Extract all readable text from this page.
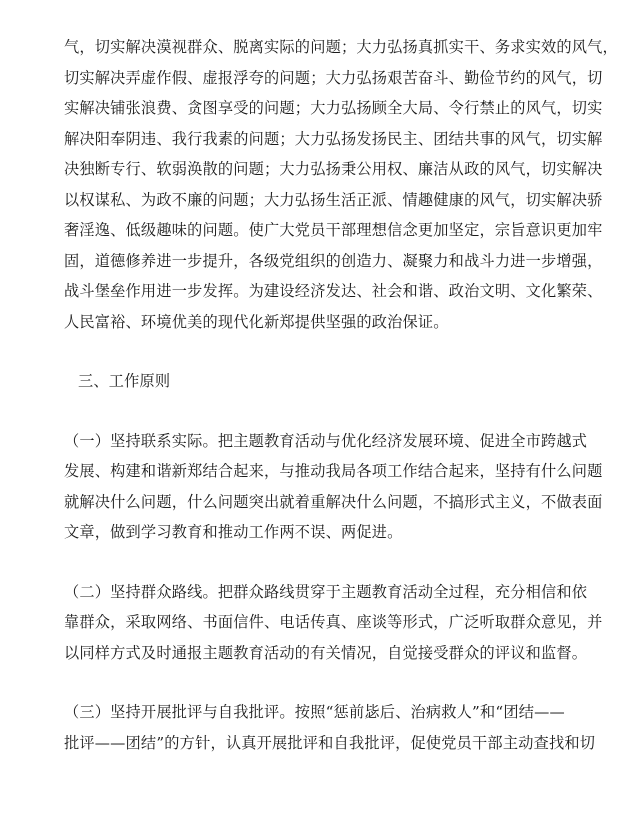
气，切实解决漠视群众、脱离实际的问题；大力弘扬真抓实干、务求实效的风气，
切实解决弄虚作假、虚报浮夸的问题；大力弘扬艰苦奋斗、勤俭节约的风气，切
实解决铺张浪费、贪图享受的问题；大力弘扬顾全大局、令行禁止的风气，切实
解决阳奉阴违、我行我素的问题；大力弘扬发扬民主、团结共事的风气，切实解
决独断专行、软弱涣散的问题；大力弘扬秉公用权、廉洁从政的风气，切实解决
以权谋私、为政不廉的问题；大力弘扬生活正派、情趣健康的风气，切实解决骄
奢淫逸、低级趣味的问题。使广大党员干部理想信念更加坚定，宗旨意识更加牢
固，道德修养进一步提升，各级党组织的创造力、凝聚力和战斗力进一步增强，
战斗堡垒作用进一步发挥。为建设经济发达、社会和谐、政治文明、文化繁荣、
人民富裕、环境优美的现代化新郑提供坚强的政治保证。
三、工作原则
（一）坚持联系实际。把主题教育活动与优化经济发展环境、促进全市跨越式
发展、构建和谐新郑结合起来，与推动我局各项工作结合起来，坚持有什么问题
就解决什么问题，什么问题突出就着重解决什么问题，不搞形式主义，不做表面
文章，做到学习教育和推动工作两不误、两促进。
（二）坚持群众路线。把群众路线贯穿于主题教育活动全过程，充分相信和依
靠群众，采取网络、书面信件、电话传真、座谈等形式，广泛听取群众意见，并
以同样方式及时通报主题教育活动的有关情况，自觉接受群众的评议和监督。
（三）坚持开展批评与自我批评。按照“惩前毖后、治病救人”和“团结——
批评——团结”的方针，认真开展批评和自我批评，促使党员干部主动查找和切
